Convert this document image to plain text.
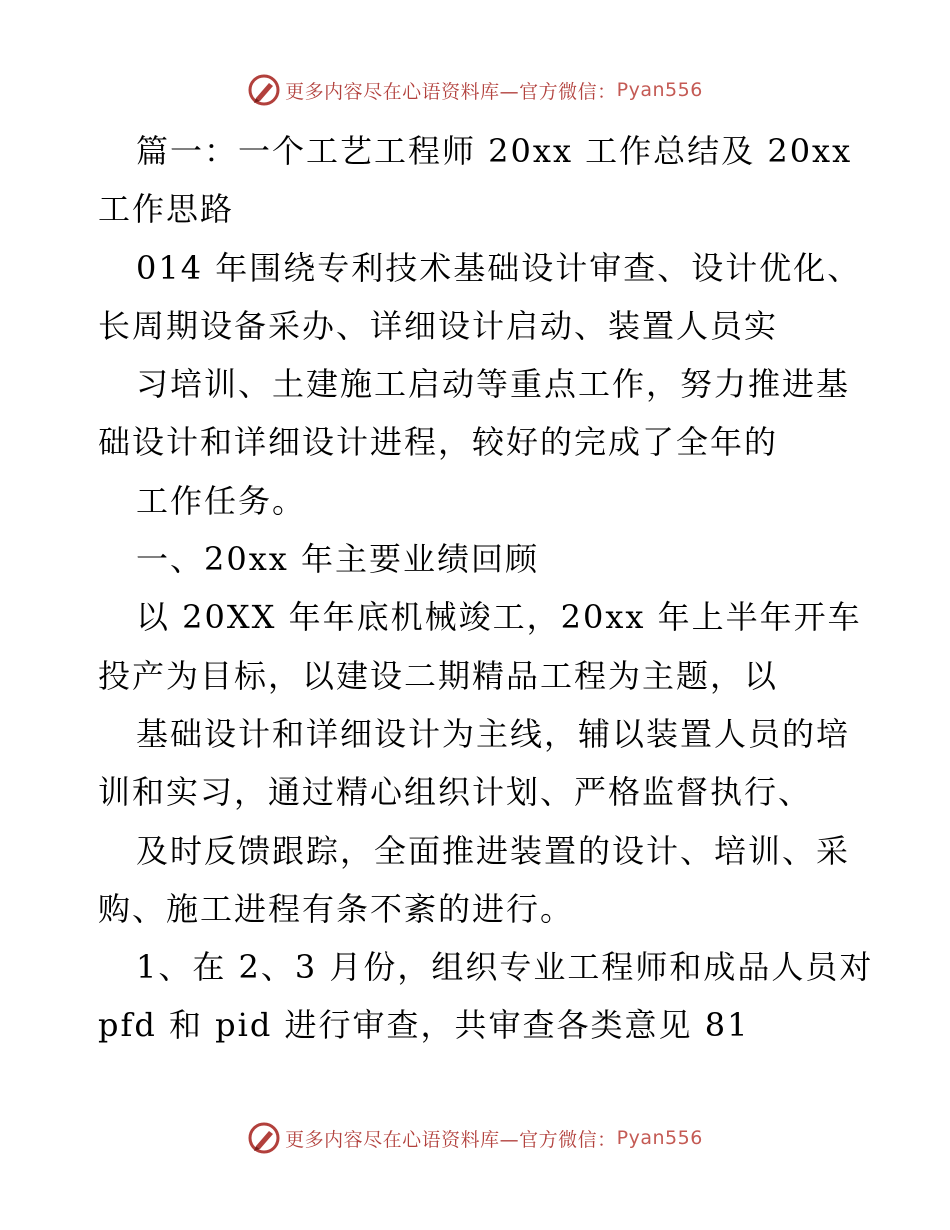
更多内容尽在心语资料库—官方微信： Pyan556
篇一：一个工艺工程师 20xx 工作总结及 20xx
工作思路
014 年围绕专利技术基础设计审查、设计优化、
长周期设备采办、详细设计启动、装置人员实
习培训、土建施工启动等重点工作，努力推进基
础设计和详细设计进程，较好的完成了全年的
工作任务。
一、20xx 年主要业绩回顾
以 20XX 年年底机械竣工，20xx 年上半年开车
投产为目标，以建设二期精品工程为主题，以
基础设计和详细设计为主线，辅以装置人员的培
训和实习，通过精心组织计划、严格监督执行、
及时反馈跟踪，全面推进装置的设计、培训、采
购、施工进程有条不紊的进行。
1、在 2、3 月份，组织专业工程师和成品人员对
pfd 和 pid 进行审查，共审查各类意见 81
更多内容尽在心语资料库—官方微信： Pyan556
